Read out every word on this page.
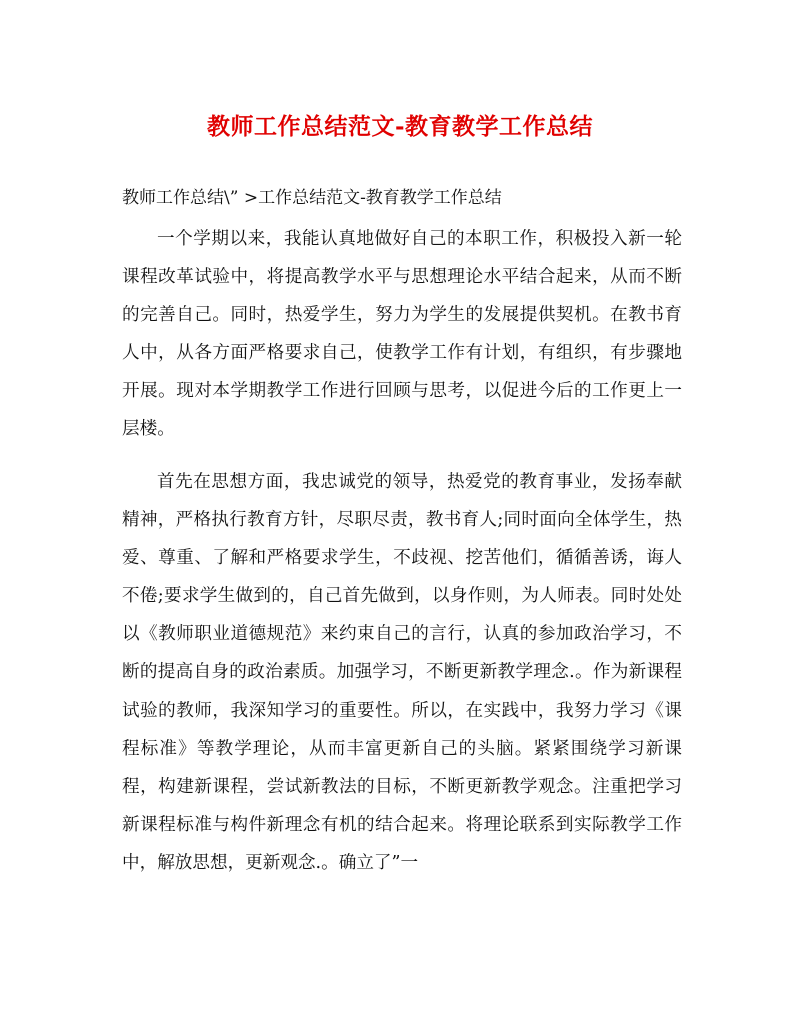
教师工作总结范文-教育教学工作总结
教师工作总结\” >工作总结范文-教育教学工作总结

一个学期以来，我能认真地做好自己的本职工作，积极投入新一轮课程改革试验中，将提高教学水平与思想理论水平结合起来，从而不断的完善自己。同时，热爱学生，努力为学生的发展提供契机。在教书育人中，从各方面严格要求自己，使教学工作有计划，有组织，有步骤地开展。现对本学期教学工作进行回顾与思考，以促进今后的工作更上一层楼。

首先在思想方面，我忠诚党的领导，热爱党的教育事业，发扬奉献精神，严格执行教育方针，尽职尽责，教书育人;同时面向全体学生，热爱、尊重、了解和严格要求学生，不歧视、挖苦他们，循循善诱，诲人不倦;要求学生做到的，自己首先做到，以身作则，为人师表。同时处处以《教师职业道德规范》来约束自己的言行，认真的参加政治学习，不断的提高自身的政治素质。加强学习，不断更新教学理念.。作为新课程试验的教师，我深知学习的重要性。所以，在实践中，我努力学习《课程标准》等教学理论，从而丰富更新自己的头脑。紧紧围绕学习新课程，构建新课程，尝试新教法的目标，不断更新教学观念。注重把学习新课程标准与构件新理念有机的结合起来。将理论联系到实际教学工作中，解放思想，更新观念.。确立了”一
